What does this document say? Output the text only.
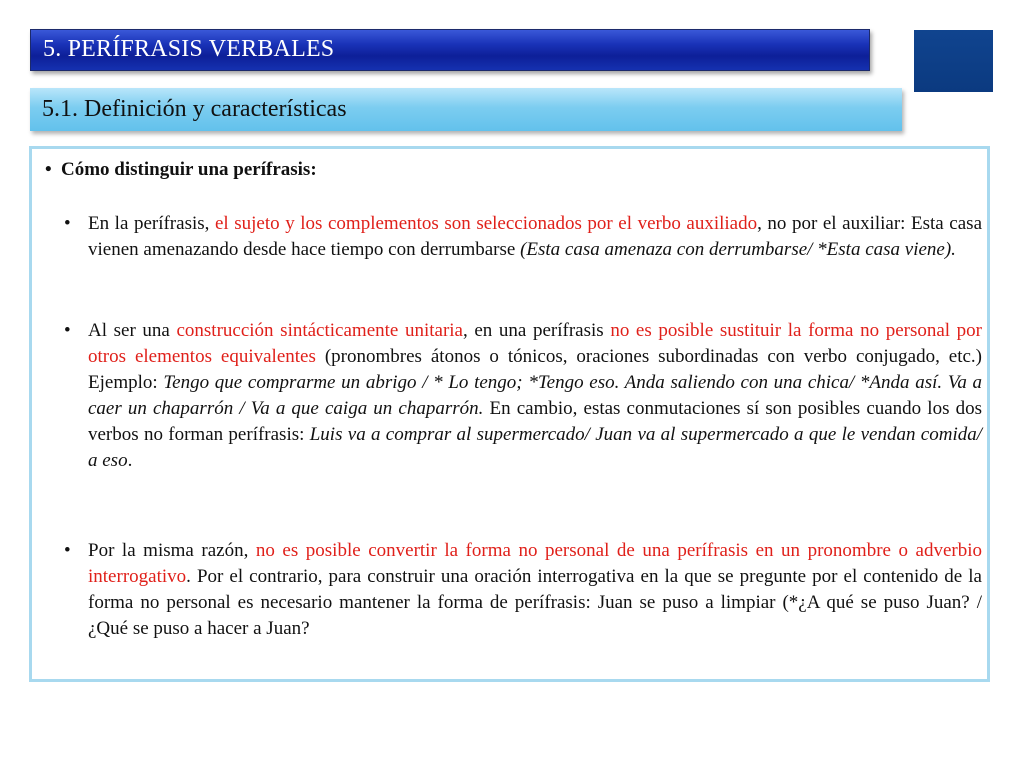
5. PERÍFRASIS VERBALES
5.1. Definición y características
• Cómo distinguir una perífrasis:
• En la perífrasis, el sujeto y los complementos son seleccionados por el verbo auxiliado, no por el auxiliar: Esta casa vienen amenazando desde hace tiempo con derrumbarse (Esta casa amenaza con derrumbarse/ *Esta casa viene).
• Al ser una construcción sintácticamente unitaria, en una perífrasis no es posible sustituir la forma no personal por otros elementos equivalentes (pronombres átonos o tónicos, oraciones subordinadas con verbo conjugado, etc.) Ejemplo: Tengo que comprarme un abrigo / * Lo tengo; *Tengo eso. Anda saliendo con una chica/ *Anda así. Va a caer un chaparrón / Va a que caiga un chaparrón. En cambio, estas conmutaciones sí son posibles cuando los dos verbos no forman perífrasis: Luis va a comprar al supermercado/ Juan va al supermercado a que le vendan comida/ a eso.
• Por la misma razón, no es posible convertir la forma no personal de una perífrasis en un pronombre o adverbio interrogativo. Por el contrario, para construir una oración interrogativa en la que se pregunte por el contenido de la forma no personal es necesario mantener la forma de perífrasis: Juan se puso a limpiar (*¿A qué se puso Juan? / ¿Qué se puso a hacer a Juan?
